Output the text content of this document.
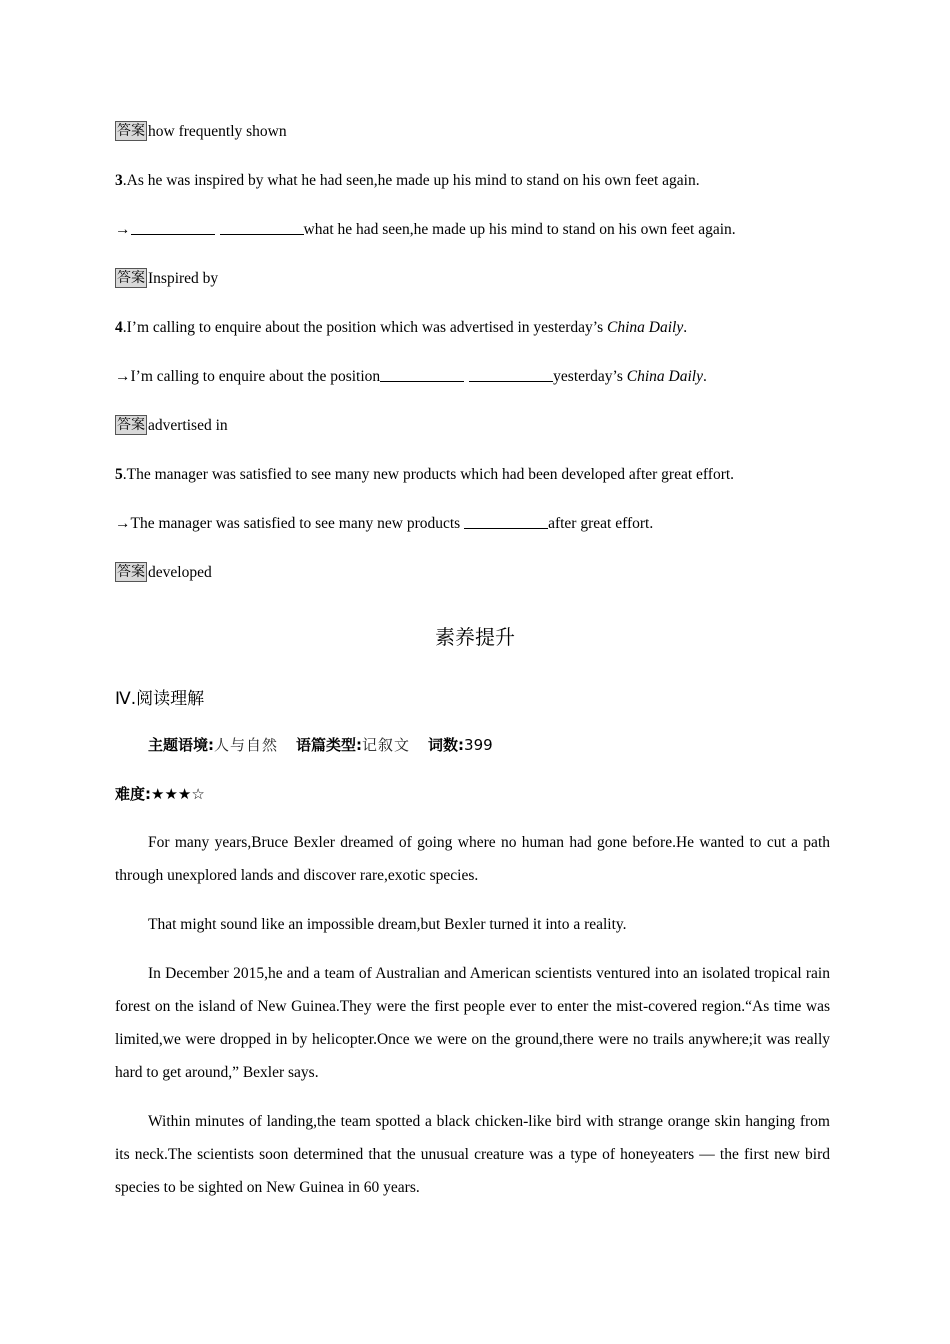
答案 how frequently shown
3.As he was inspired by what he had seen,he made up his mind to stand on his own feet again.
→	what he had seen,he made up his mind to stand on his own feet again.
答案 Inspired by
4.I’m calling to enquire about the position which was advertised in yesterday’s China Daily.
→I’m calling to enquire about the position	yesterday’s China Daily.
答案 advertised in
5.The manager was satisfied to see many new products which had been developed after great effort.
→The manager was satisfied to see many new products	after great effort.
答案 developed
素养提升
Ⅳ.阅读理解
主题语境:人与自然 语篇类型:记叙文 词数:399
难度:★★★☆
For many years,Bruce Bexler dreamed of going where no human had gone before.He wanted to cut a path through unexplored lands and discover rare,exotic species.
That might sound like an impossible dream,but Bexler turned it into a reality.
In December 2015,he and a team of Australian and American scientists ventured into an isolated tropical rain forest on the island of New Guinea.They were the first people ever to enter the mist-covered region.“As time was limited,we were dropped in by helicopter.Once we were on the ground,there were no trails anywhere;it was really hard to get around,” Bexler says.
Within minutes of landing,the team spotted a black chicken-like bird with strange orange skin hanging from its neck.The scientists soon determined that the unusual creature was a type of honeyeaters — the first new bird species to be sighted on New Guinea in 60 years.
